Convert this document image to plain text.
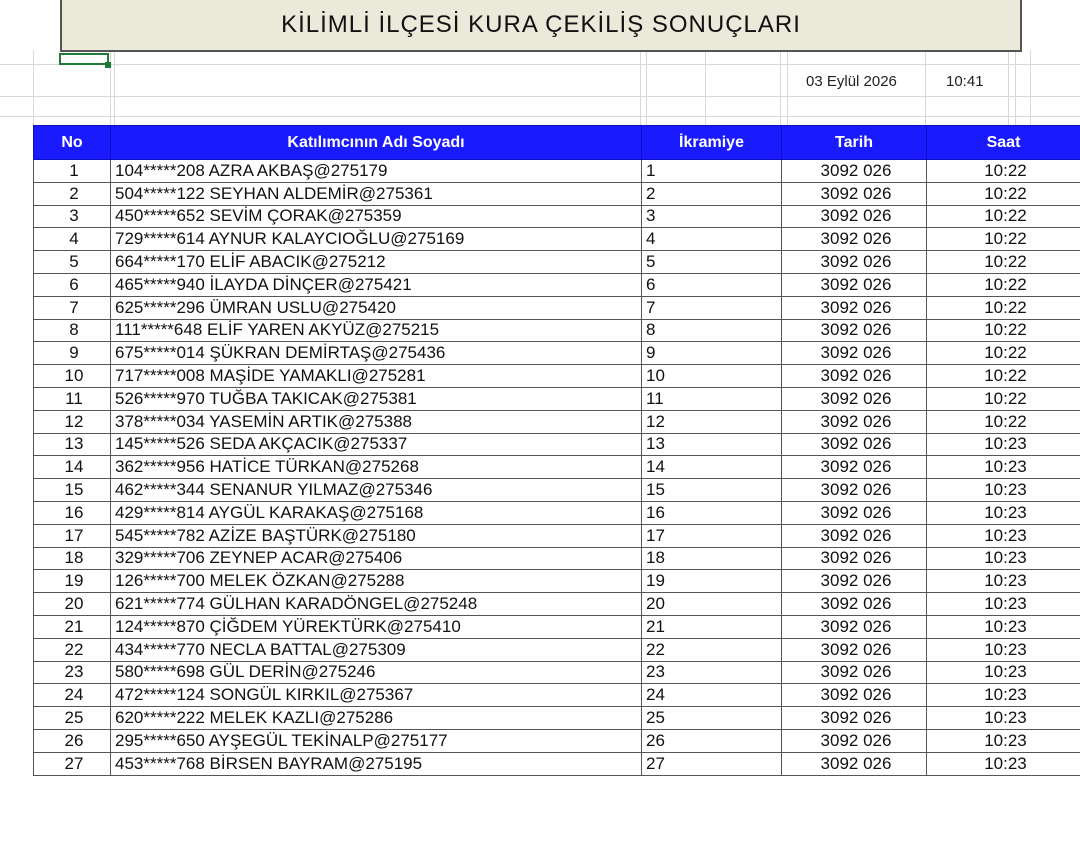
KİLİMLİ İLÇESİ KURA ÇEKİLİŞ SONUÇLARI
03 Eylül 2026	10:41
No	Katılımcının Adı Soyadı	İkramiye	Tarih	Saat
1	104*****208 AZRA AKBAŞ@275179	1	3092 026	10:22
2	504*****122 SEYHAN ALDEMİR@275361	2	3092 026	10:22
3	450*****652 SEVİM ÇORAK@275359	3	3092 026	10:22
4	729*****614 AYNUR KALAYCIOĞLU@275169	4	3092 026	10:22
5	664*****170 ELİF ABACIK@275212	5	3092 026	10:22
6	465*****940 İLAYDA DİNÇER@275421	6	3092 026	10:22
7	625*****296 ÜMRAN USLU@275420	7	3092 026	10:22
8	111*****648 ELİF YAREN AKYÜZ@275215	8	3092 026	10:22
9	675*****014 ŞÜKRAN DEMİRTAŞ@275436	9	3092 026	10:22
10	717*****008 MAŞİDE YAMAKLI@275281	10	3092 026	10:22
11	526*****970 TUĞBA TAKICAK@275381	11	3092 026	10:22
12	378*****034 YASEMİN ARTIK@275388	12	3092 026	10:22
13	145*****526 SEDA AKÇACIK@275337	13	3092 026	10:23
14	362*****956 HATİCE TÜRKAN@275268	14	3092 026	10:23
15	462*****344 SENANUR YILMAZ@275346	15	3092 026	10:23
16	429*****814 AYGÜL KARAKAŞ@275168	16	3092 026	10:23
17	545*****782 AZİZE BAŞTÜRK@275180	17	3092 026	10:23
18	329*****706 ZEYNEP ACAR@275406	18	3092 026	10:23
19	126*****700 MELEK ÖZKAN@275288	19	3092 026	10:23
20	621*****774 GÜLHAN KARADÖNGEL@275248	20	3092 026	10:23
21	124*****870 ÇİĞDEM YÜREKTÜRK@275410	21	3092 026	10:23
22	434*****770 NECLA BATTAL@275309	22	3092 026	10:23
23	580*****698 GÜL DERİN@275246	23	3092 026	10:23
24	472*****124 SONGÜL KIRKIL@275367	24	3092 026	10:23
25	620*****222 MELEK KAZLI@275286	25	3092 026	10:23
26	295*****650 AYŞEGÜL TEKİNALP@275177	26	3092 026	10:23
27	453*****768 BİRSEN BAYRAM@275195	27	3092 026	10:23
